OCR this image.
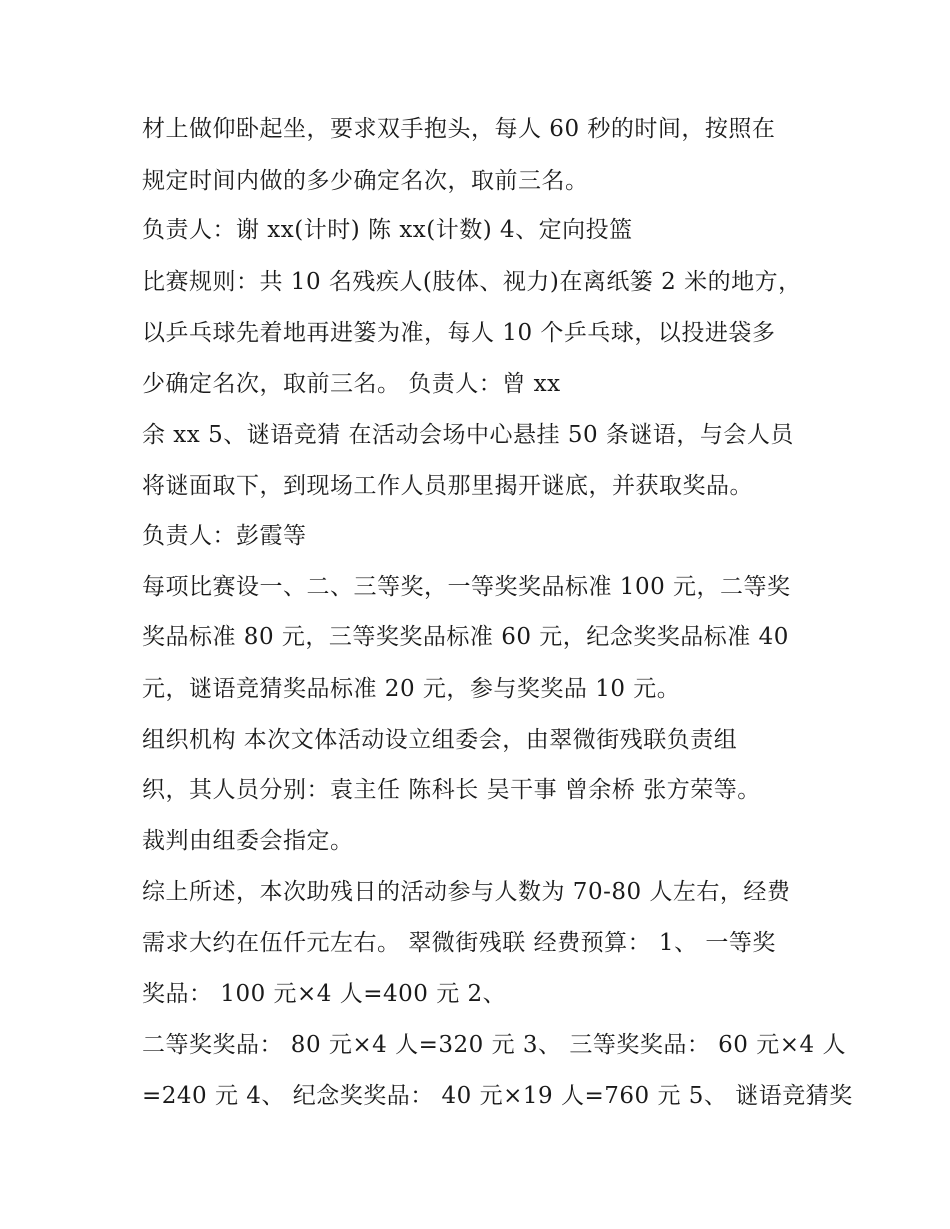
材上做仰卧起坐，要求双手抱头，每人 60 秒的时间，按照在
规定时间内做的多少确定名次，取前三名。
负责人：谢 xx(计时) 陈 xx(计数) 4、定向投篮
比赛规则：共 10 名残疾人(肢体、视力)在离纸篓 2 米的地方，
以乒乓球先着地再进篓为准，每人 10 个乒乓球，以投进袋多
少确定名次，取前三名。 负责人：曾 xx
余 xx 5、谜语竞猜 在活动会场中心悬挂 50 条谜语，与会人员
将谜面取下，到现场工作人员那里揭开谜底，并获取奖品。
负责人：彭霞等
每项比赛设一、二、三等奖，一等奖奖品标准 100 元，二等奖
奖品标准 80 元，三等奖奖品标准 60 元，纪念奖奖品标准 40
元，谜语竞猜奖品标准 20 元，参与奖奖品 10 元。
组织机构 本次文体活动设立组委会，由翠微街残联负责组
织，其人员分别：袁主任 陈科长 吴干事 曾余桥 张方荣等。
裁判由组委会指定。
综上所述，本次助残日的活动参与人数为 70-80 人左右，经费
需求大约在伍仟元左右。 翠微街残联 经费预算： 1、 一等奖
奖品： 100 元×4 人=400 元 2、
二等奖奖品： 80 元×4 人=320 元 3、 三等奖奖品： 60 元×4 人
=240 元 4、 纪念奖奖品： 40 元×19 人=760 元 5、 谜语竞猜奖
